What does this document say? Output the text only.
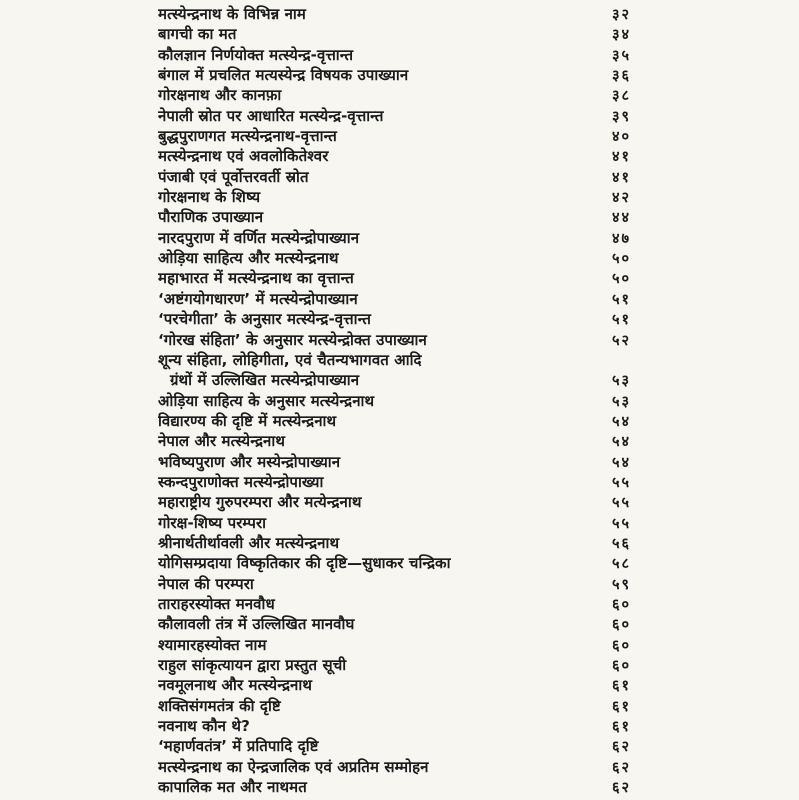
मत्स्येन्द्रनाथ के विभिन्न नाम	३२
बागची का मत	३४
कौलज्ञान निर्णयोक्त मत्स्येन्द्र-वृत्तान्त	३५
बंगाल में प्रचलित मत्यस्येन्द्र विषयक उपाख्यान	३६
गोरक्षनाथ और कानफ़ा	३८
नेपाली स्रोत पर आधारित मत्स्येन्द्र-वृत्तान्त	३९
बुद्धपुराणगत मत्स्येन्द्रनाथ-वृत्तान्त	४०
मत्स्येन्द्रनाथ एवं अवलोकितेश्वर	४१
पंजाबी एवं पूर्वोत्तरवर्ती स्रोत	४१
गोरक्षनाथ के शिष्य	४२
पौराणिक उपाख्यान	४४
नारदपुराण में वर्णित मत्स्येन्द्रोपाख्यान	४७
ओड़िया साहित्य और मत्स्येन्द्रनाथ	५०
महाभारत में मत्स्येन्द्रनाथ का वृत्तान्त	५०
‘अष्टंगयोगधारण’ में मत्स्येन्द्रोपाख्यान	५१
‘परचेगीता’ के अनुसार मत्स्येन्द्र-वृत्तान्त	५१
‘गोरख संहिता’ के अनुसार मत्स्येन्द्रोक्त उपाख्यान	५२
शून्य संहिता, लोहिगीता, एवं चैतन्यभागवत आदि
ग्रंथों में उल्लिखित मत्स्येन्द्रोपाख्यान	५३
ओड़िया साहित्य के अनुसार मत्स्येन्द्रनाथ	५३
विद्यारण्य की दृष्टि में मत्स्येन्द्रनाथ	५४
नेपाल और मत्स्येन्द्रनाथ	५४
भविष्यपुराण और मस्येन्द्रोपाख्यान	५४
स्कन्दपुराणोक्त मत्स्येन्द्रोपाख्या	५५
महाराष्ट्रीय गुरुपरम्परा और मत्येन्द्रनाथ	५५
गोरक्ष-शिष्य परम्परा	५५
श्रीनार्थतीर्थावली और मत्स्येन्द्रनाथ	५६
योगिसम्प्रदाया विष्कृतिकार की दृष्टि—सुधाकर चन्द्रिका	५८
नेपाल की परम्परा	५९
ताराहरस्योक्त मनवौध	६०
कौलावली तंत्र में उल्लिखित मानवौघ	६०
श्यामारहस्योक्त नाम	६०
राहुल सांकृत्यायन द्वारा प्रस्तुत सूची	६०
नवमूलनाथ और मत्स्येन्द्रनाथ	६१
शक्तिसंगमतंत्र की दृष्टि	६१
नवनाथ कौन थे?	६१
‘महार्णवतंत्र’ में प्रतिपादि दृष्टि	६२
मत्स्येन्द्रनाथ का ऐन्द्रजालिक एवं अप्रतिम सम्मोहन	६२
कापालिक मत और नाथमत	६२
